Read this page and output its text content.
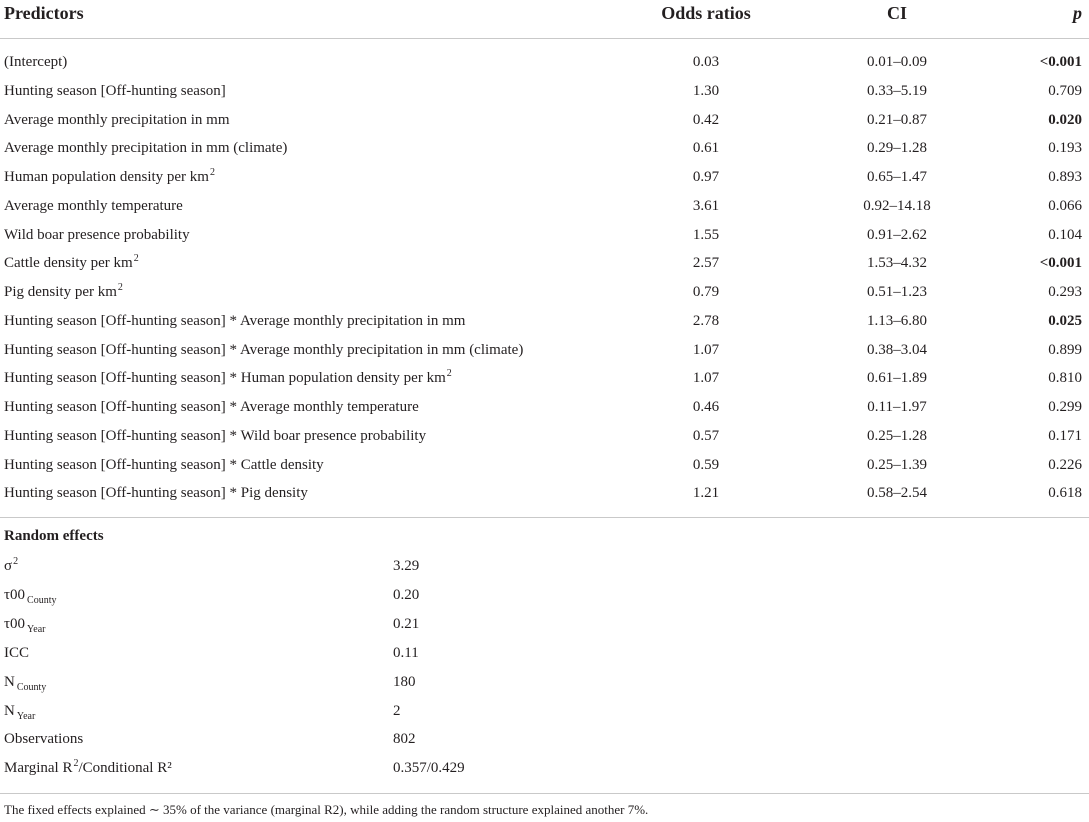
Predictors	Odds ratios	CI	p
(Intercept)	0.03	0.01–0.09	<0.001
Hunting season [Off-hunting season]	1.30	0.33–5.19	0.709
Average monthly precipitation in mm	0.42	0.21–0.87	0.020
Average monthly precipitation in mm (climate)	0.61	0.29–1.28	0.193
Human population density per $km^2$	0.97	0.65–1.47	0.893
Average monthly temperature	3.61	0.92–14.18	0.066
Wild boar presence probability	1.55	0.91–2.62	0.104
Cattle density per $km^2$	2.57	1.53–4.32	<0.001
Pig density per $km^2$	0.79	0.51–1.23	0.293
Hunting season [Off-hunting season] * Average monthly precipitation in mm	2.78	1.13–6.80	0.025
Hunting season [Off-hunting season] * Average monthly precipitation in mm (climate)	1.07	0.38–3.04	0.899
Hunting season [Off-hunting season] * Human population density per $km^2$	1.07	0.61–1.89	0.810
Hunting season [Off-hunting season] * Average monthly temperature	0.46	0.11–1.97	0.299
Hunting season [Off-hunting season] * Wild boar presence probability	0.57	0.25–1.28	0.171
Hunting season [Off-hunting season] * Cattle density	0.59	0.25–1.39	0.226
Hunting season [Off-hunting season] * Pig density	1.21	0.58–2.54	0.618
Random effects
$\sigma^2$	3.29
τ00 $_{County}$	0.20
τ00 $_{Year}$	0.21
ICC	0.11
N $_{County}$	180
N $_{Year}$	2
Observations	802
Marginal $R^2$/Conditional R²	0.357/0.429
The fixed effects explained ∼ 35% of the variance (marginal R2), while adding the random structure explained another 7%.
